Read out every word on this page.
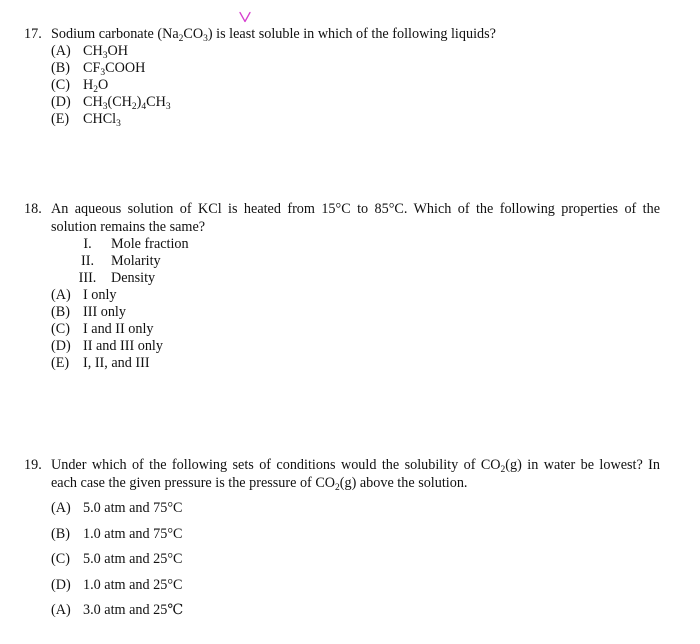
17. Sodium carbonate $(Na_2CO_3)$ is least soluble in which of the following liquids?
(A) $CH_3OH$
(B) $CF_3COOH$
(C) $H_2O$
(D) $CH_3(CH_2)_4CH_3$
(E) CHCl$_3$
18. An aqueous solution of KCl is heated from 15°C to 85°C. Which of the following properties of the
solution remains the same?
I. Mole fraction
II. Molarity
III. Density
(A) I only
(B) III only
(C) I and II only
(D) II and III only
(E) I, II, and III
19. Under which of the following sets of conditions would the solubility of $CO_2(g)$ in water be lowest? In
each case the given pressure is the pressure of $CO_2(g)$ above the solution.
(A) 5.0 atm and 75°C
(B) 1.0 atm and 75°C
(C) 5.0 atm and 25°C
(D) 1.0 atm and 25°C
(A) 3.0 atm and 25℃
